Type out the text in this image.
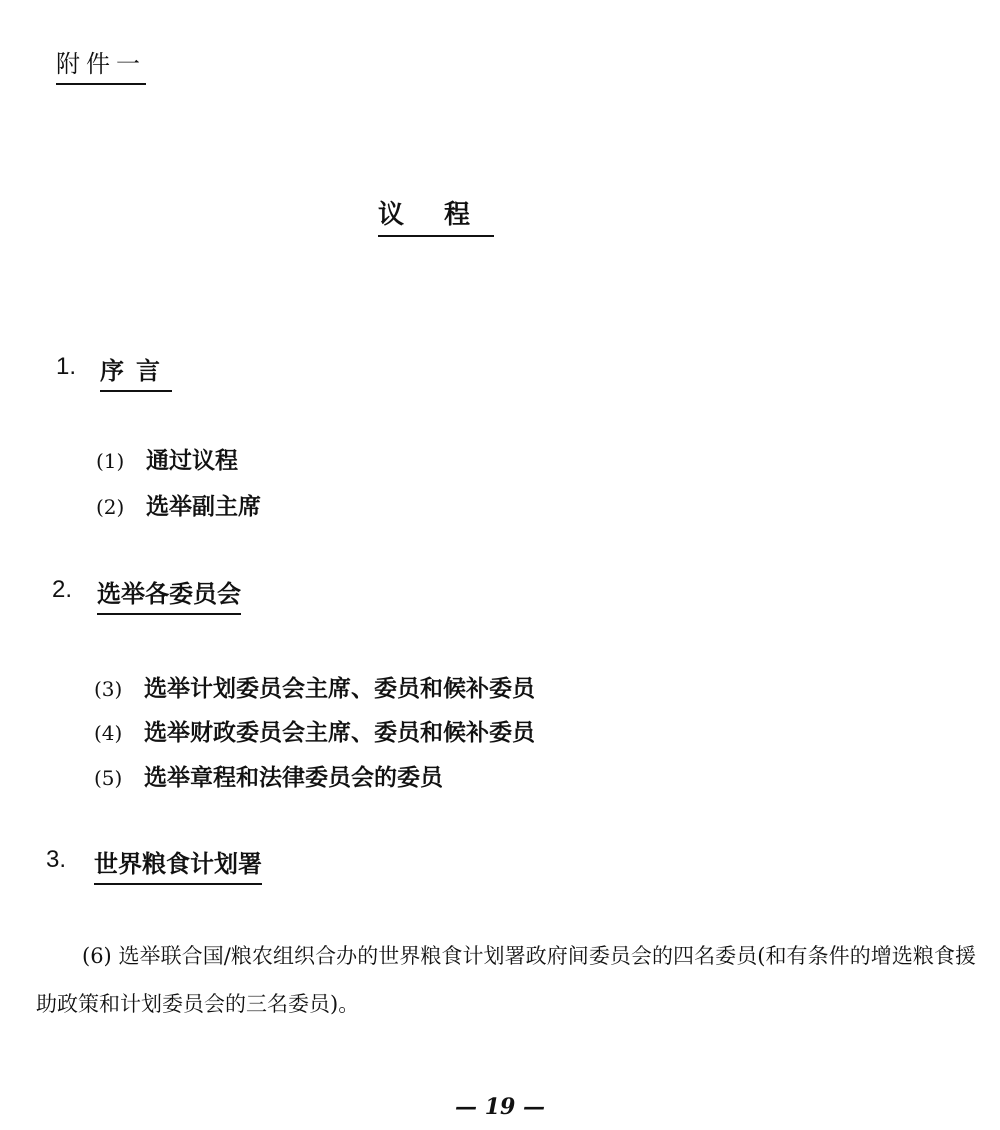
附件一
议程
1. 序言
(1) 通过议程
(2) 选举副主席
2. 选举各委员会
(3) 选举计划委员会主席、委员和候补委员
(4) 选举财政委员会主席、委员和候补委员
(5) 选举章程和法律委员会的委员
3. 世界粮食计划署
(6) 选举联合国/粮农组织合办的世界粮食计划署政府间委员会的四名委员(和有条件的增选粮食援助政策和计划委员会的三名委员)。
— 19 —
